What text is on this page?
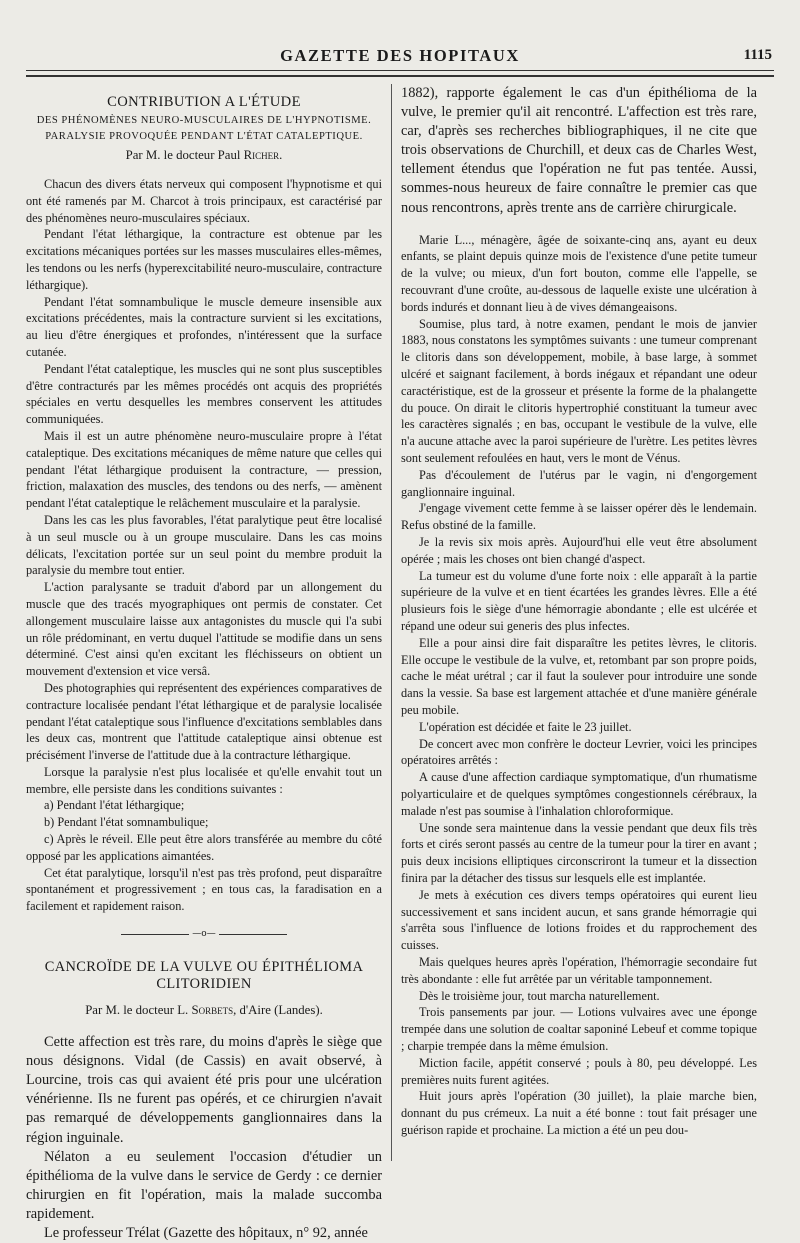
GAZETTE DES HOPITAUX	1115
CONTRIBUTION A L'ÉTUDE
DES PHÉNOMÈNES NEURO-MUSCULAIRES DE L'HYPNOTISME. PARALYSIE PROVOQUÉE PENDANT L'ÉTAT CATALEPTIQUE.
Par M. le docteur Paul Richer.

Chacun des divers états nerveux qui composent l'hypnotisme et qui ont été ramenés par M. Charcot à trois principaux, est caractérisé par des phénomènes neuro-musculaires spéciaux.

Pendant l'état léthargique, la contracture est obtenue par les excitations mécaniques portées sur les masses musculaires elles-mêmes, les tendons ou les nerfs (hyperexcitabilité neuro-musculaire, contracture léthargique).

Pendant l'état somnambulique le muscle demeure insensible aux excitations précédentes, mais la contracture survient si les excitations, au lieu d'être énergiques et profondes, n'intéressent que la surface cutanée.

Pendant l'état cataleptique, les muscles qui ne sont plus susceptibles d'être contracturés par les mêmes procédés ont acquis des propriétés spéciales en vertu desquelles les membres conservent les attitudes communiquées.

Mais il est un autre phénomène neuro-musculaire propre à l'état cataleptique. Des excitations mécaniques de même nature que celles qui pendant l'état léthargique produisent la contracture, — pression, friction, malaxation des muscles, des tendons ou des nerfs, — amènent pendant l'état cataleptique le relâchement musculaire et la paralysie.

Dans les cas les plus favorables, l'état paralytique peut être localisé à un seul muscle ou à un groupe musculaire. Dans les cas moins délicats, l'excitation portée sur un seul point du membre produit la paralysie du membre tout entier.

L'action paralysante se traduit d'abord par un allongement du muscle que des tracés myographiques ont permis de constater. Cet allongement musculaire laisse aux antagonistes du muscle qui l'a subi un rôle prédominant, en vertu duquel l'attitude se modifie dans un sens déterminé. C'est ainsi qu'en excitant les fléchisseurs on obtient un mouvement d'extension et vice versâ.

Des photographies qui représentent des expériences comparatives de contracture localisée pendant l'état léthargique et de paralysie localisée pendant l'état cataleptique sous l'influence d'excitations semblables dans les deux cas, montrent que l'attitude cataleptique ainsi obtenue est précisément l'inverse de l'attitude due à la contracture léthargique.

Lorsque la paralysie n'est plus localisée et qu'elle envahit tout un membre, elle persiste dans les conditions suivantes :

a) Pendant l'état léthargique;

b) Pendant l'état somnambulique;

c) Après le réveil. Elle peut être alors transférée au membre du côté opposé par les applications aimantées.

Cet état paralytique, lorsqu'il n'est pas très profond, peut disparaître spontanément et progressivement ; en tous cas, la faradisation en a facilement et rapidement raison.

—o—
CANCROÏDE DE LA VULVE OU ÉPITHÉLIOMA CLITORIDIEN
Par M. le docteur L. Sorbets, d'Aire (Landes).

Cette affection est très rare, du moins d'après le siège que nous désignons. Vidal (de Cassis) en avait observé, à Lourcine, trois cas qui avaient été pris pour une ulcération vénérienne. Ils ne furent pas opérés, et ce chirurgien n'avait pas remarqué de développements ganglionnaires dans la région inguinale.

Nélaton a eu seulement l'occasion d'étudier un épithélioma de la vulve dans le service de Gerdy : ce dernier chirurgien en fit l'opération, mais la malade succomba rapidement.

Le professeur Trélat (Gazette des hôpitaux, n° 92, année

1882), rapporte également le cas d'un épithélioma de la vulve, le premier qu'il ait rencontré. L'affection est très rare, car, d'après ses recherches bibliographiques, il ne cite que trois observations de Churchill, et deux cas de Charles West, tellement étendus que l'opération ne fut pas tentée. Aussi, sommes-nous heureux de faire connaître le premier cas que nous rencontrons, après trente ans de carrière chirurgicale.

Marie L..., ménagère, âgée de soixante-cinq ans, ayant eu deux enfants, se plaint depuis quinze mois de l'existence d'une petite tumeur de la vulve; ou mieux, d'un fort bouton, comme elle l'appelle, se recouvrant d'une croûte, au-dessous de laquelle existe une ulcération à bords indurés et donnant lieu à de vives démangeaisons.

Soumise, plus tard, à notre examen, pendant le mois de janvier 1883, nous constatons les symptômes suivants : une tumeur comprenant le clitoris dans son développement, mobile, à base large, à sommet ulcéré et saignant facilement, à bords inégaux et répandant une odeur caractéristique, est de la grosseur et présente la forme de la phalangette du pouce. On dirait le clitoris hypertrophié constituant la tumeur avec les caractères signalés ; en bas, occupant le vestibule de la vulve, elle n'a aucune attache avec la paroi supérieure de l'urètre. Les petites lèvres sont seulement refoulées en haut, vers le mont de Vénus.

Pas d'écoulement de l'utérus par le vagin, ni d'engorgement ganglionnaire inguinal.

J'engage vivement cette femme à se laisser opérer dès le lendemain. Refus obstiné de la famille.

Je la revis six mois après. Aujourd'hui elle veut être absolument opérée ; mais les choses ont bien changé d'aspect.

La tumeur est du volume d'une forte noix : elle apparaît à la partie supérieure de la vulve et en tient écartées les grandes lèvres. Elle a été plusieurs fois le siège d'une hémorragie abondante ; elle est ulcérée et répand une odeur sui generis des plus infectes.

Elle a pour ainsi dire fait disparaître les petites lèvres, le clitoris. Elle occupe le vestibule de la vulve, et, retombant par son propre poids, cache le méat urétral ; car il faut la soulever pour introduire une sonde dans la vessie. Sa base est largement attachée et d'une manière générale peu mobile.

L'opération est décidée et faite le 23 juillet.

De concert avec mon confrère le docteur Levrier, voici les principes opératoires arrêtés :

A cause d'une affection cardiaque symptomatique, d'un rhumatisme polyarticulaire et de quelques symptômes congestionnels cérébraux, la malade n'est pas soumise à l'inhalation chloroformique.

Une sonde sera maintenue dans la vessie pendant que deux fils très forts et cirés seront passés au centre de la tumeur pour la tirer en avant ; puis deux incisions elliptiques circonscriront la tumeur et la dissection finira par la détacher des tissus sur lesquels elle est implantée.

Je mets à exécution ces divers temps opératoires qui eurent lieu successivement et sans incident aucun, et sans grande hémorragie qui s'arrêta sous l'influence de lotions froides et du rapprochement des cuisses.

Mais quelques heures après l'opération, l'hémorragie secondaire fut très abondante : elle fut arrêtée par un véritable tamponnement.

Dès le troisième jour, tout marcha naturellement.

Trois pansements par jour. — Lotions vulvaires avec une éponge trempée dans une solution de coaltar saponiné Lebeuf et comme topique ; charpie trempée dans la même émulsion.

Miction facile, appétit conservé ; pouls à 80, peu développé. Les premières nuits furent agitées.

Huit jours après l'opération (30 juillet), la plaie marche bien, donnant du pus crémeux. La nuit a été bonne : tout fait présager une guérison rapide et prochaine. La miction a été un peu dou-
